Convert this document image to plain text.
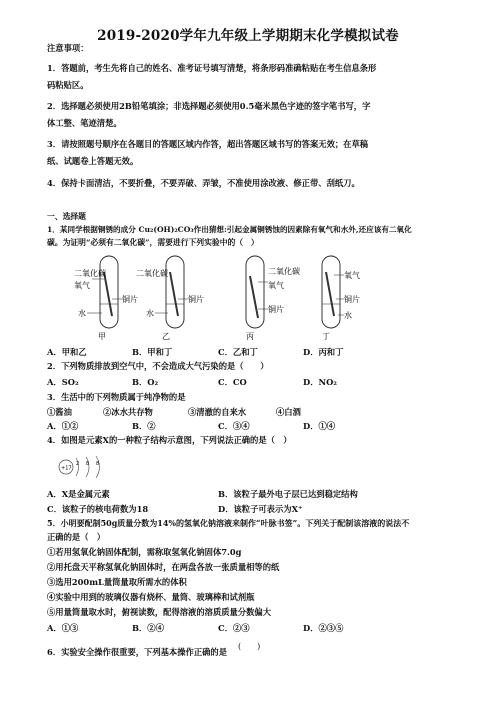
2019-2020学年九年级上学期期末化学模拟试卷
注意事项：
1．答题前，考生先将自己的姓名、准考证号填写清楚，将条形码准确粘贴在考生信息条形
码粘贴区。
2．选择题必须使用2B铅笔填涂；非选择题必须使用0.5毫米黑色字迹的签字笔书写，字
体工整、笔迹清楚。
3．请按照题号顺序在各题目的答题区域内作答，超出答题区域书写的答案无效；在草稿
纸、试题卷上答题无效。
4．保持卡面清洁，不要折叠，不要弄破、弄皱，不准使用涂改液、修正带、刮纸刀。
一、选择题
1．某同学根据铜锈的成分 Cu₂(OH)₂CO₃作出猜想:引起金属铜锈蚀的因素除有氧气和水外,还应该有二氧化
碳。为证明“必须有二氧化碳”，需要进行下列实验中的（　）
二氧化碳
氧气
铜片
水
甲
二氧化碳
铜片
水
乙
二氧化碳
氧气
铜片
丙
氧气
铜片
水
丁
A．甲和乙	B．甲和丁	C．乙和丁	D．丙和丁
2．下列物质排放到空气中，不会造成大气污染的是（　　）
A．SO₂	B．O₂	C．CO	D．NO₂
3．生活中的下列物质属于纯净物的是
①酱油	②冰水共存物	③清澈的自来水	④白酒
A．①②	B．②	C．③④	D．①④
4．如图是元素X的一种粒子结构示意图，下列说法正确的是（　）
+17
2 8 8
A．X是金属元素	B．该粒子最外电子层已达到稳定结构
C．该粒子的核电荷数为18	D．该粒子可表示为X⁺
5．小明要配制50g质量分数为14%的氢氧化钠溶液来制作“叶脉书签”。下列关于配制该溶液的说法不
正确的是（　）
①若用氢氧化钠固体配制，需称取氢氧化钠固体7.0g
②用托盘天平称氢氧化钠固体时，在两盘各放一张质量相等的纸
③选用200mL量筒量取所需水的体积
④实验中用到的玻璃仪器有烧杯、量筒、玻璃棒和试剂瓶
⑤用量筒量取水时，俯视读数，配得溶液的溶质质量分数偏大
A．①③	B．②④	C．②③	D．②③⑤
6．实验安全操作很重要，下列基本操作正确的是
(　　)
